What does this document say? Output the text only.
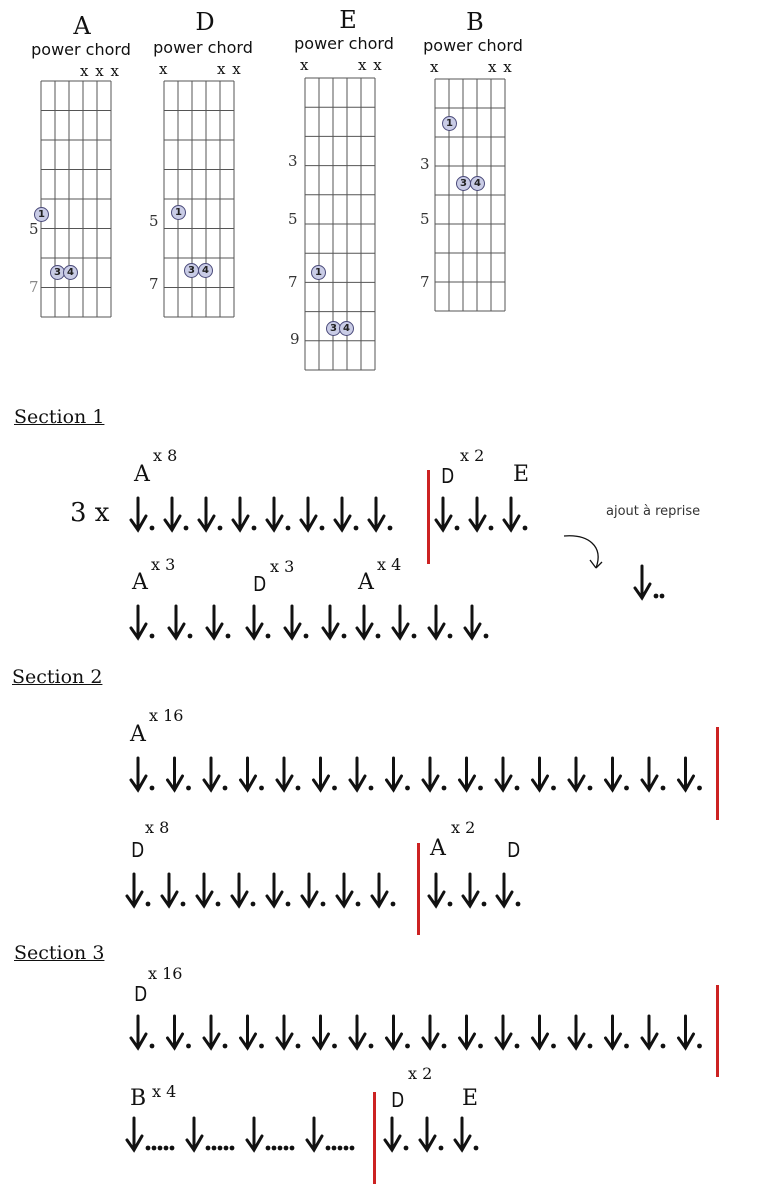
A
power chord
x x x
5
7
D
power chord
x	x x
5
7
E
power chord
x	x x
3
5
7
9
B
power chord
x	x x
3
5
7
1
3 4
1
3 4	1
3 4
1
3 4
Section 1
3 x
A
x 8
D
x 2
E
ajout à reprise
A
x 3
D
x 3
A
x 4
Section 2
A
x 16
D
x 8
A
x 2
D
Section 3
D
x 16
B x 4	D
x 2
E
